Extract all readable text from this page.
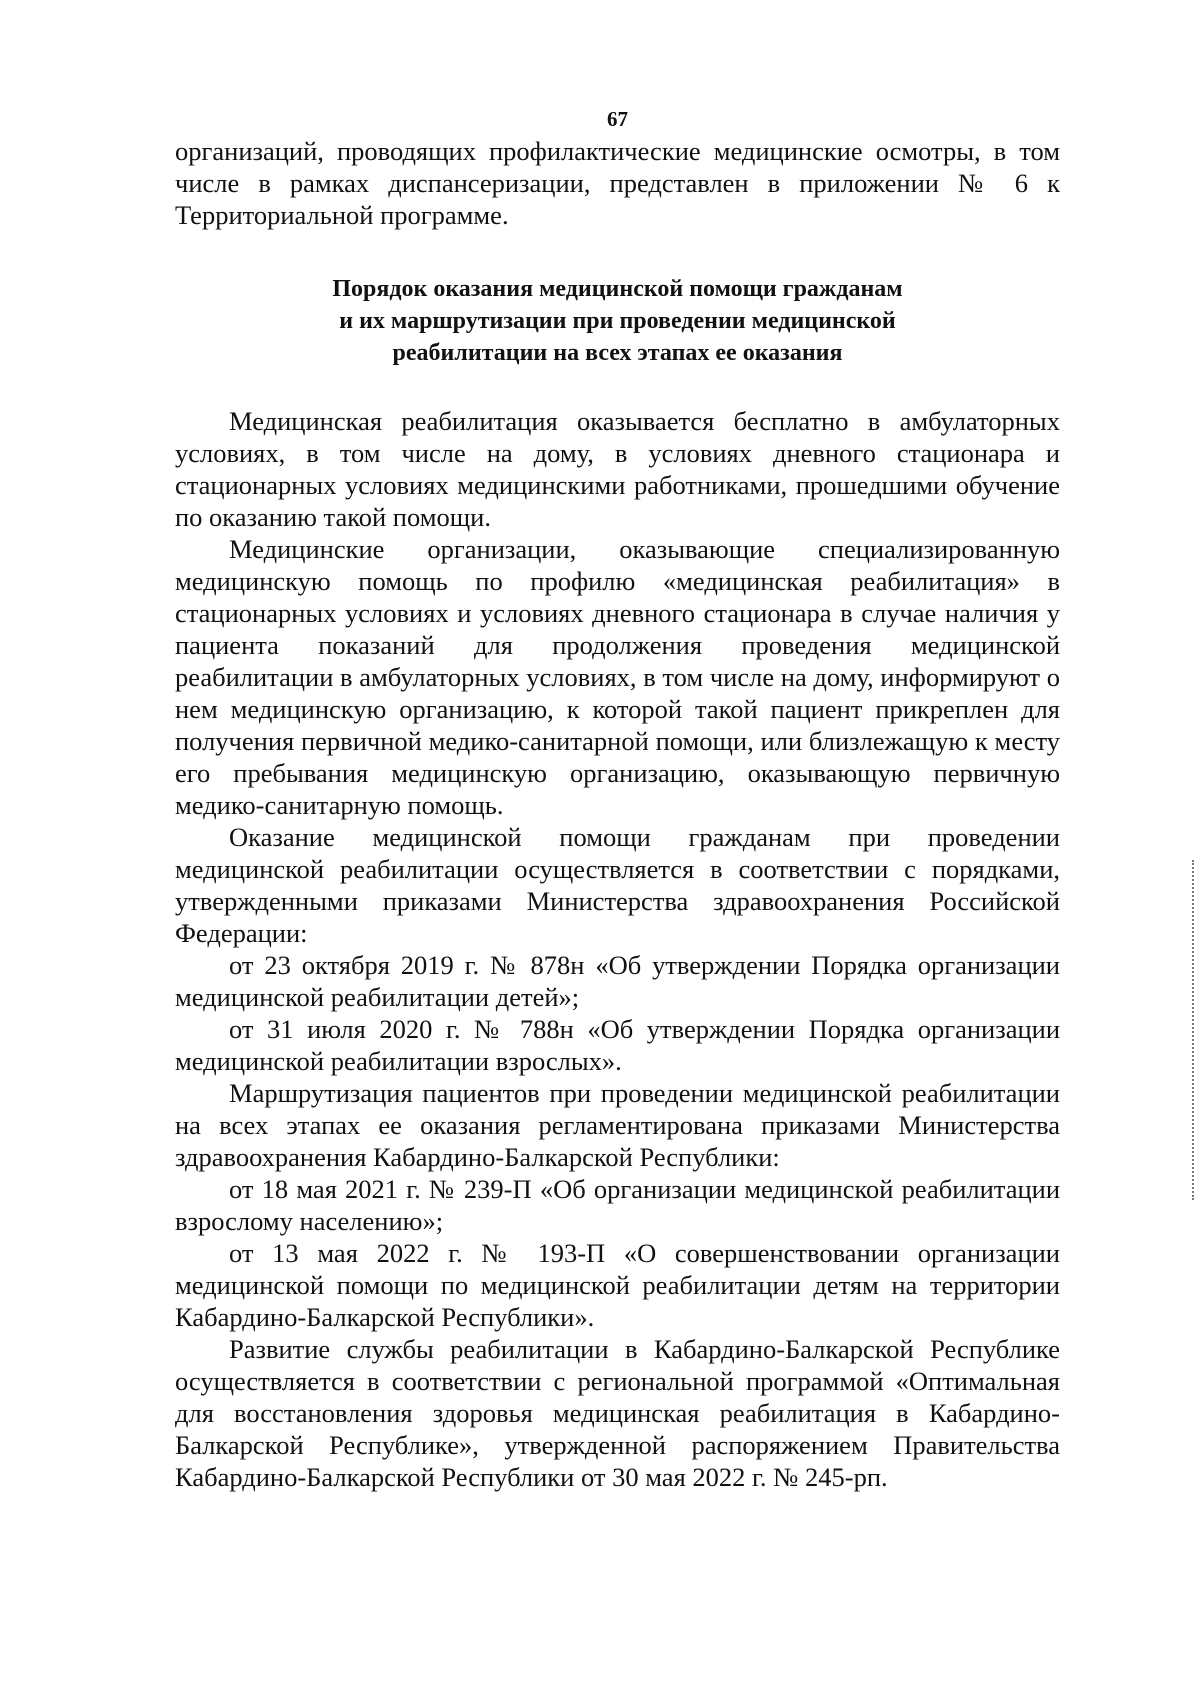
67

организаций, проводящих профилактические медицинские осмотры, в том числе в рамках диспансеризации, представлен в приложении № 6 к Территориальной программе.

Порядок оказания медицинской помощи гражданам
и их маршрутизации при проведении медицинской
реабилитации на всех этапах ее оказания

Медицинская реабилитация оказывается бесплатно в амбулаторных условиях, в том числе на дому, в условиях дневного стационара и стационарных условиях медицинскими работниками, прошедшими обучение по оказанию такой помощи.

Медицинские организации, оказывающие специализированную медицинскую помощь по профилю «медицинская реабилитация» в стационарных условиях и условиях дневного стационара в случае наличия у пациента показаний для продолжения проведения медицинской реабилитации в амбулаторных условиях, в том числе на дому, информируют о нем медицинскую организацию, к которой такой пациент прикреплен для получения первичной медико-санитарной помощи, или близлежащую к месту его пребывания медицинскую организацию, оказывающую первичную медико-санитарную помощь.

Оказание медицинской помощи гражданам при проведении медицинской реабилитации осуществляется в соответствии с порядками, утвержденными приказами Министерства здравоохранения Российской Федерации:

от 23 октября 2019 г. № 878н «Об утверждении Порядка организации медицинской реабилитации детей»;

от 31 июля 2020 г. № 788н «Об утверждении Порядка организации медицинской реабилитации взрослых».

Маршрутизация пациентов при проведении медицинской реабилитации на всех этапах ее оказания регламентирована приказами Министерства здравоохранения Кабардино-Балкарской Республики:

от 18 мая 2021 г. № 239-П «Об организации медицинской реабилитации взрослому населению»;

от 13 мая 2022 г. № 193-П «О совершенствовании организации медицинской помощи по медицинской реабилитации детям на территории Кабардино-Балкарской Республики».

Развитие службы реабилитации в Кабардино-Балкарской Республике осуществляется в соответствии с региональной программой «Оптимальная для восстановления здоровья медицинская реабилитация в Кабардино-Балкарской Республике», утвержденной распоряжением Правительства Кабардино-Балкарской Республики от 30 мая 2022 г. № 245-рп.
